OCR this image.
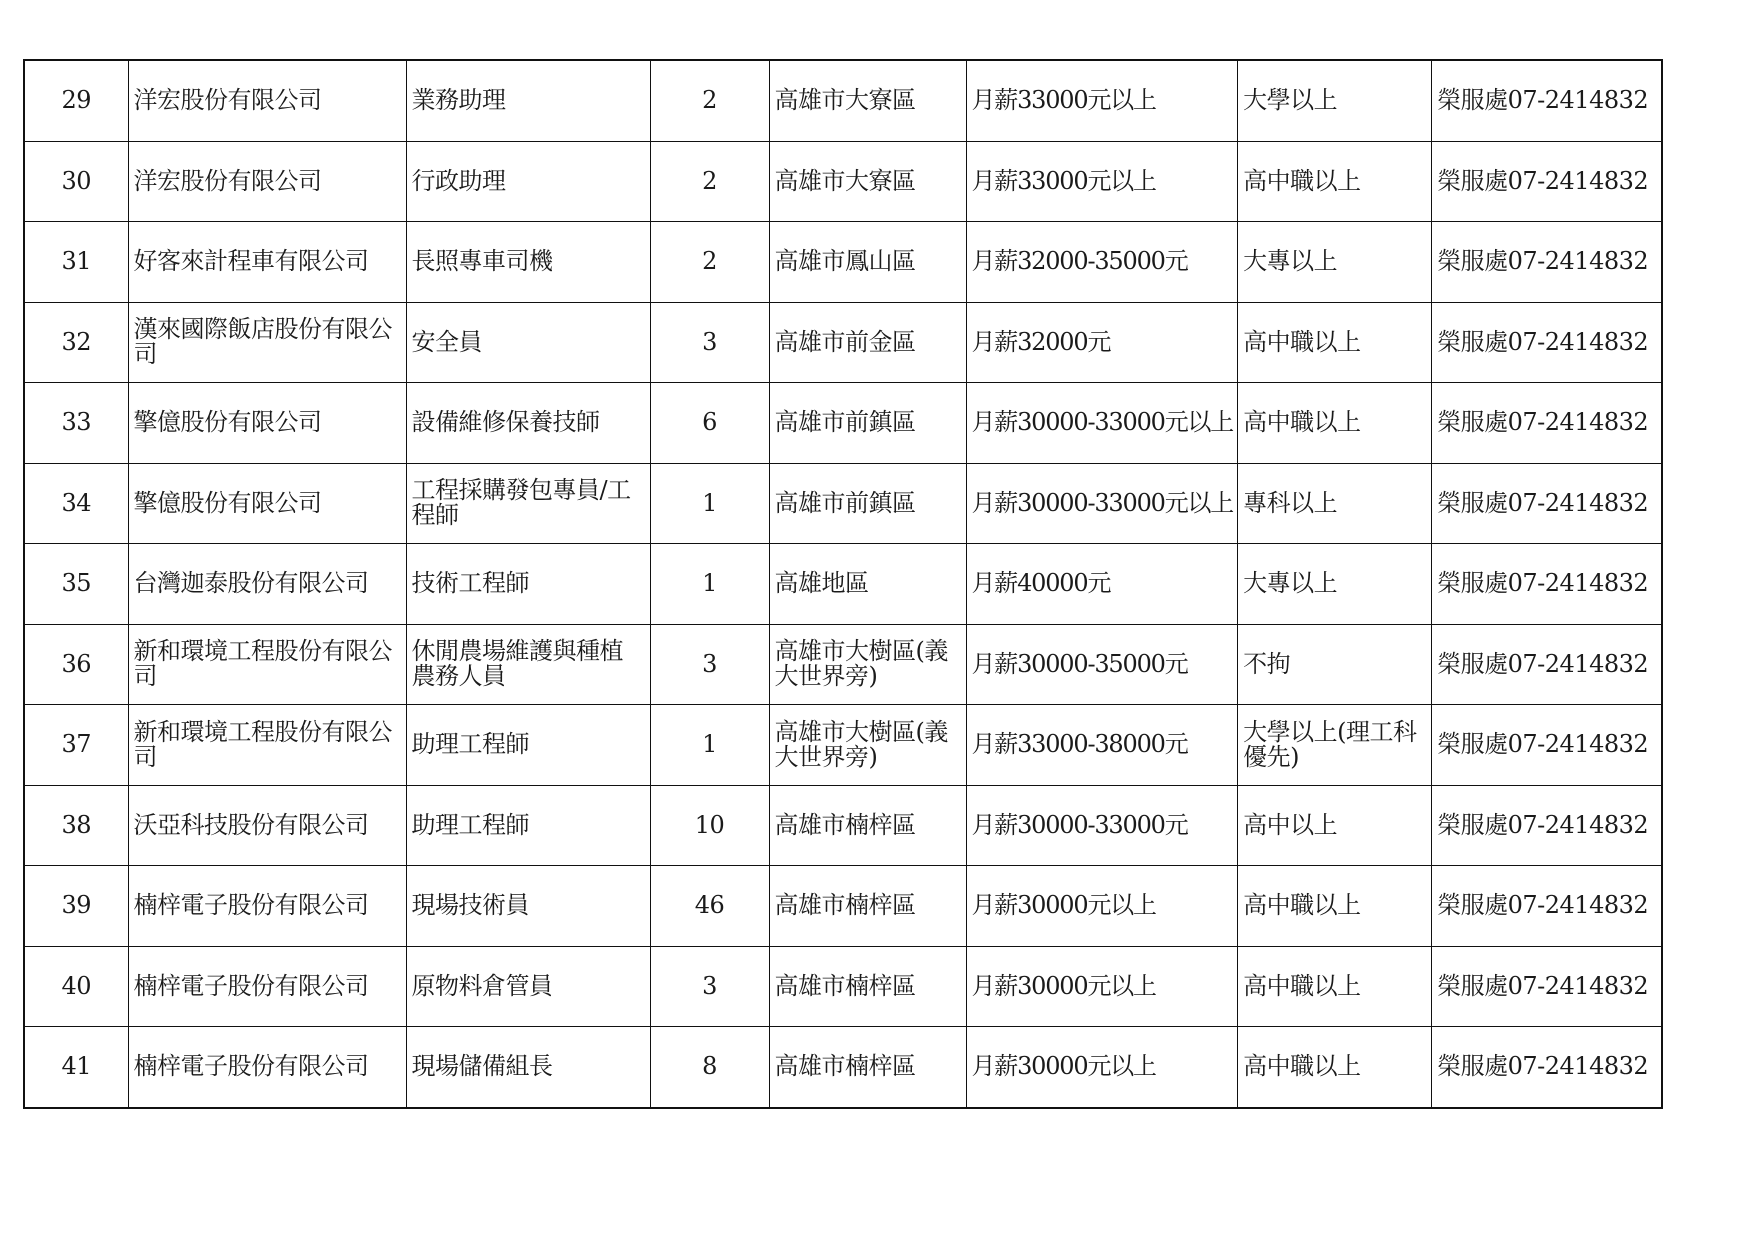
29	洋宏股份有限公司	業務助理	2	高雄市大寮區	月薪33000元以上	大學以上	榮服處07-2414832
30	洋宏股份有限公司	行政助理	2	高雄市大寮區	月薪33000元以上	高中職以上	榮服處07-2414832
31	好客來計程車有限公司	長照專車司機	2	高雄市鳳山區	月薪32000-35000元	大專以上	榮服處07-2414832
32	漢來國際飯店股份有限公司	安全員	3	高雄市前金區	月薪32000元	高中職以上	榮服處07-2414832
33	擎億股份有限公司	設備維修保養技師	6	高雄市前鎮區	月薪30000-33000元以上	高中職以上	榮服處07-2414832
34	擎億股份有限公司	工程採購發包專員/工程師	1	高雄市前鎮區	月薪30000-33000元以上	專科以上	榮服處07-2414832
35	台灣迦泰股份有限公司	技術工程師	1	高雄地區	月薪40000元	大專以上	榮服處07-2414832
36	新和環境工程股份有限公司	休閒農場維護與種植農務人員	3	高雄市大樹區(義大世界旁)	月薪30000-35000元	不拘	榮服處07-2414832
37	新和環境工程股份有限公司	助理工程師	1	高雄市大樹區(義大世界旁)	月薪33000-38000元	大學以上(理工科優先)	榮服處07-2414832
38	沃亞科技股份有限公司	助理工程師	10	高雄市楠梓區	月薪30000-33000元	高中以上	榮服處07-2414832
39	楠梓電子股份有限公司	現場技術員	46	高雄市楠梓區	月薪30000元以上	高中職以上	榮服處07-2414832
40	楠梓電子股份有限公司	原物料倉管員	3	高雄市楠梓區	月薪30000元以上	高中職以上	榮服處07-2414832
41	楠梓電子股份有限公司	現場儲備組長	8	高雄市楠梓區	月薪30000元以上	高中職以上	榮服處07-2414832
